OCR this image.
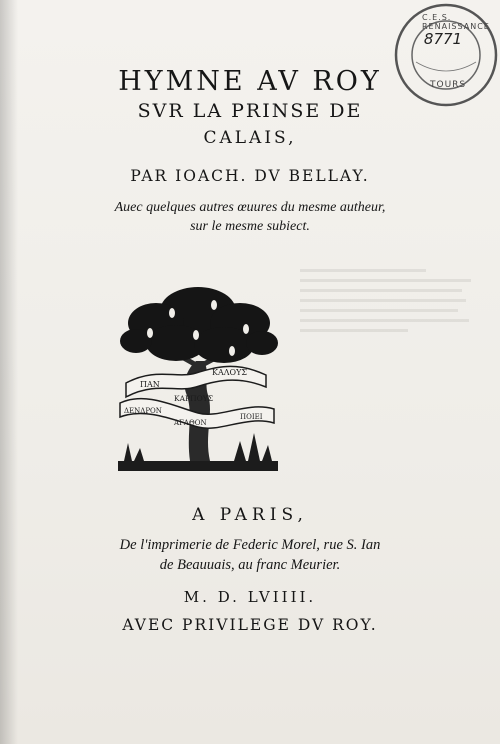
C.E.S. RENAISSANCE
TOURS
8771
HYMNE AV ROY
SVR LA PRINSE DE
CALAIS,
PAR IOACH. DV BELLAY.
Auec quelques autres œuures du mesme autheur,
sur le mesme subiect.
ΠΑΝ
ΚΑΛΟΥΣ
ΚΑΡΠΟΥΣ
ΔΕΝΔΡΟΝ
ΑΓΑΘΟΝ
ΠΟΙΕΙ
A PARIS,
De l'imprimerie de Federic Morel, rue S. Ian
de Beauuais, au franc Meurier.
M. D. LVIIII.
AVEC PRIVILEGE DV ROY.
